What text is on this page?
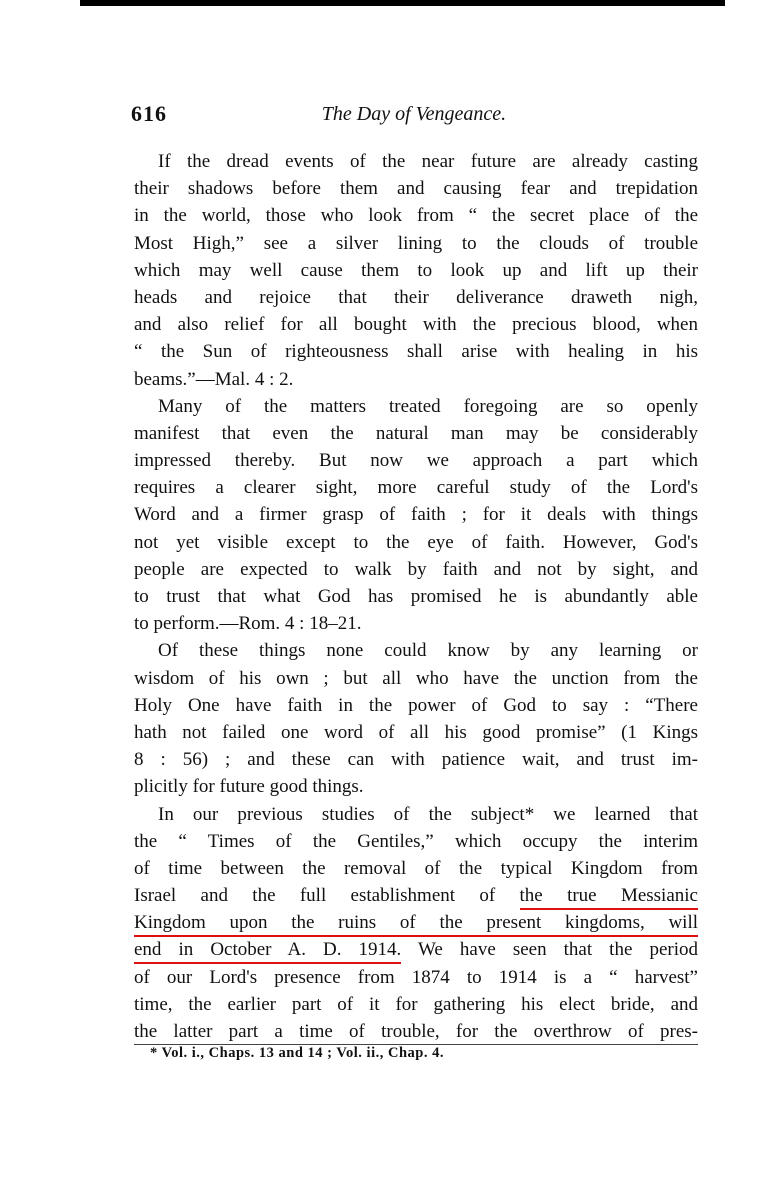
616	The Day of Vengeance.
If the dread events of the near future are already casting
their shadows before them and causing fear and trepidation
in the world, those who look from “ the secret place of the
Most High,” see a silver lining to the clouds of trouble
which may well cause them to look up and lift up their
heads and rejoice that their deliverance draweth nigh,
and also relief for all bought with the precious blood, when
“ the Sun of righteousness shall arise with healing in his
beams.”—Mal. 4 : 2.
Many of the matters treated foregoing are so openly
manifest that even the natural man may be considerably
impressed thereby. But now we approach a part which
requires a clearer sight, more careful study of the Lord's
Word and a firmer grasp of faith ; for it deals with things
not yet visible except to the eye of faith. However, God's
people are expected to walk by faith and not by sight, and
to trust that what God has promised he is abundantly able
to perform.—Rom. 4 : 18–21.
Of these things none could know by any learning or
wisdom of his own ; but all who have the unction from the
Holy One have faith in the power of God to say : “There
hath not failed one word of all his good promise” (1 Kings
8 : 56) ; and these can with patience wait, and trust im-
plicitly for future good things.
In our previous studies of the subject* we learned that
the “ Times of the Gentiles,” which occupy the interim
of time between the removal of the typical Kingdom from
Israel and the full establishment of the true Messianic
Kingdom upon the ruins of the present kingdoms, will
end in October A. D. 1914. We have seen that the period
of our Lord's presence from 1874 to 1914 is a “ harvest”
time, the earlier part of it for gathering his elect bride, and
the latter part a time of trouble, for the overthrow of pres-
* Vol. i., Chaps. 13 and 14 ; Vol. ii., Chap. 4.
